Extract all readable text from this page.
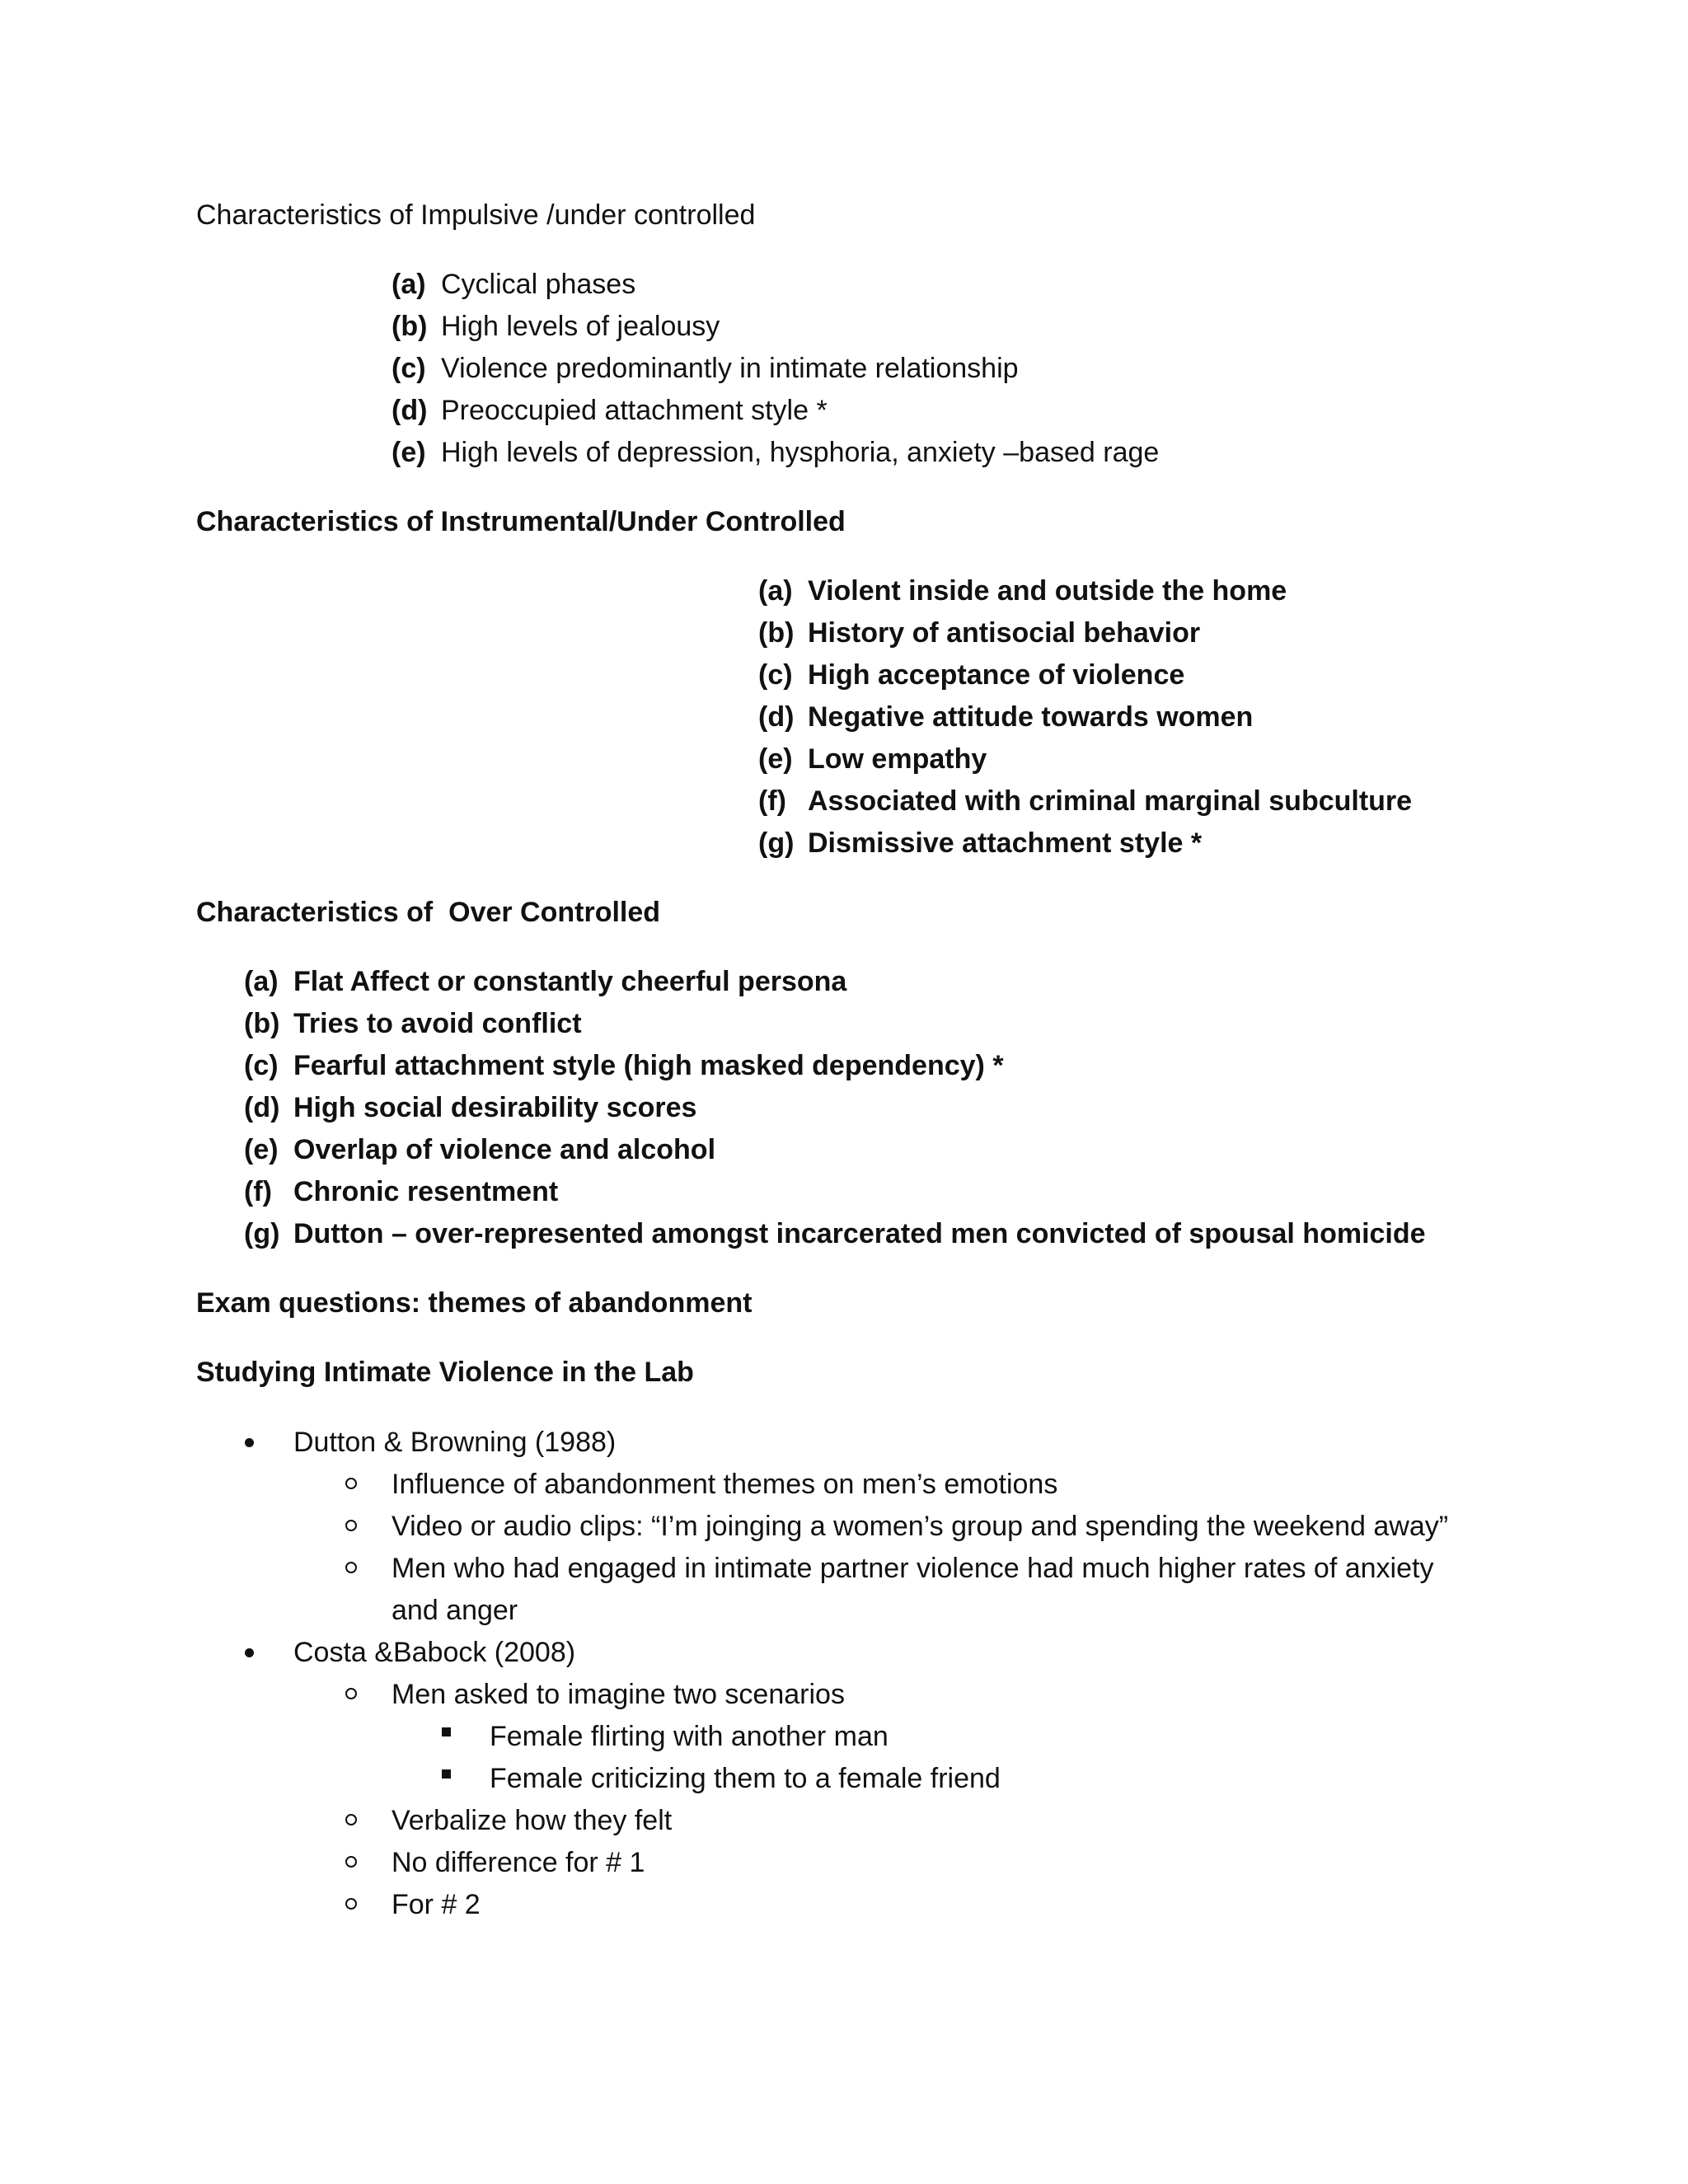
Characteristics of Impulsive /under controlled
(a) Cyclical phases
(b) High levels of jealousy
(c) Violence predominantly in intimate relationship
(d) Preoccupied attachment style *
(e) High levels of depression, hysphoria, anxiety –based rage
Characteristics of Instrumental/Under Controlled
(a) Violent inside and outside the home
(b) History of antisocial behavior
(c) High acceptance of violence
(d) Negative attitude towards women
(e) Low empathy
(f) Associated with criminal marginal subculture
(g) Dismissive attachment style *
Characteristics of  Over Controlled
(a) Flat Affect or constantly cheerful persona
(b) Tries to avoid conflict
(c) Fearful attachment style (high masked dependency) *
(d) High social desirability scores
(e) Overlap of violence and alcohol
(f) Chronic resentment
(g) Dutton – over-represented amongst incarcerated men convicted of spousal homicide
Exam questions: themes of abandonment
Studying Intimate Violence in the Lab
Dutton & Browning (1988)
Influence of abandonment themes on men’s emotions
Video or audio clips: “I’m joinging a women’s group and spending the weekend away”
Men who had engaged in intimate partner violence had much higher rates of anxiety
and anger
Costa &Babock (2008)
Men asked to imagine two scenarios
Female flirting with another man
Female criticizing them to a female friend
Verbalize how they felt
No difference for # 1
For # 2
